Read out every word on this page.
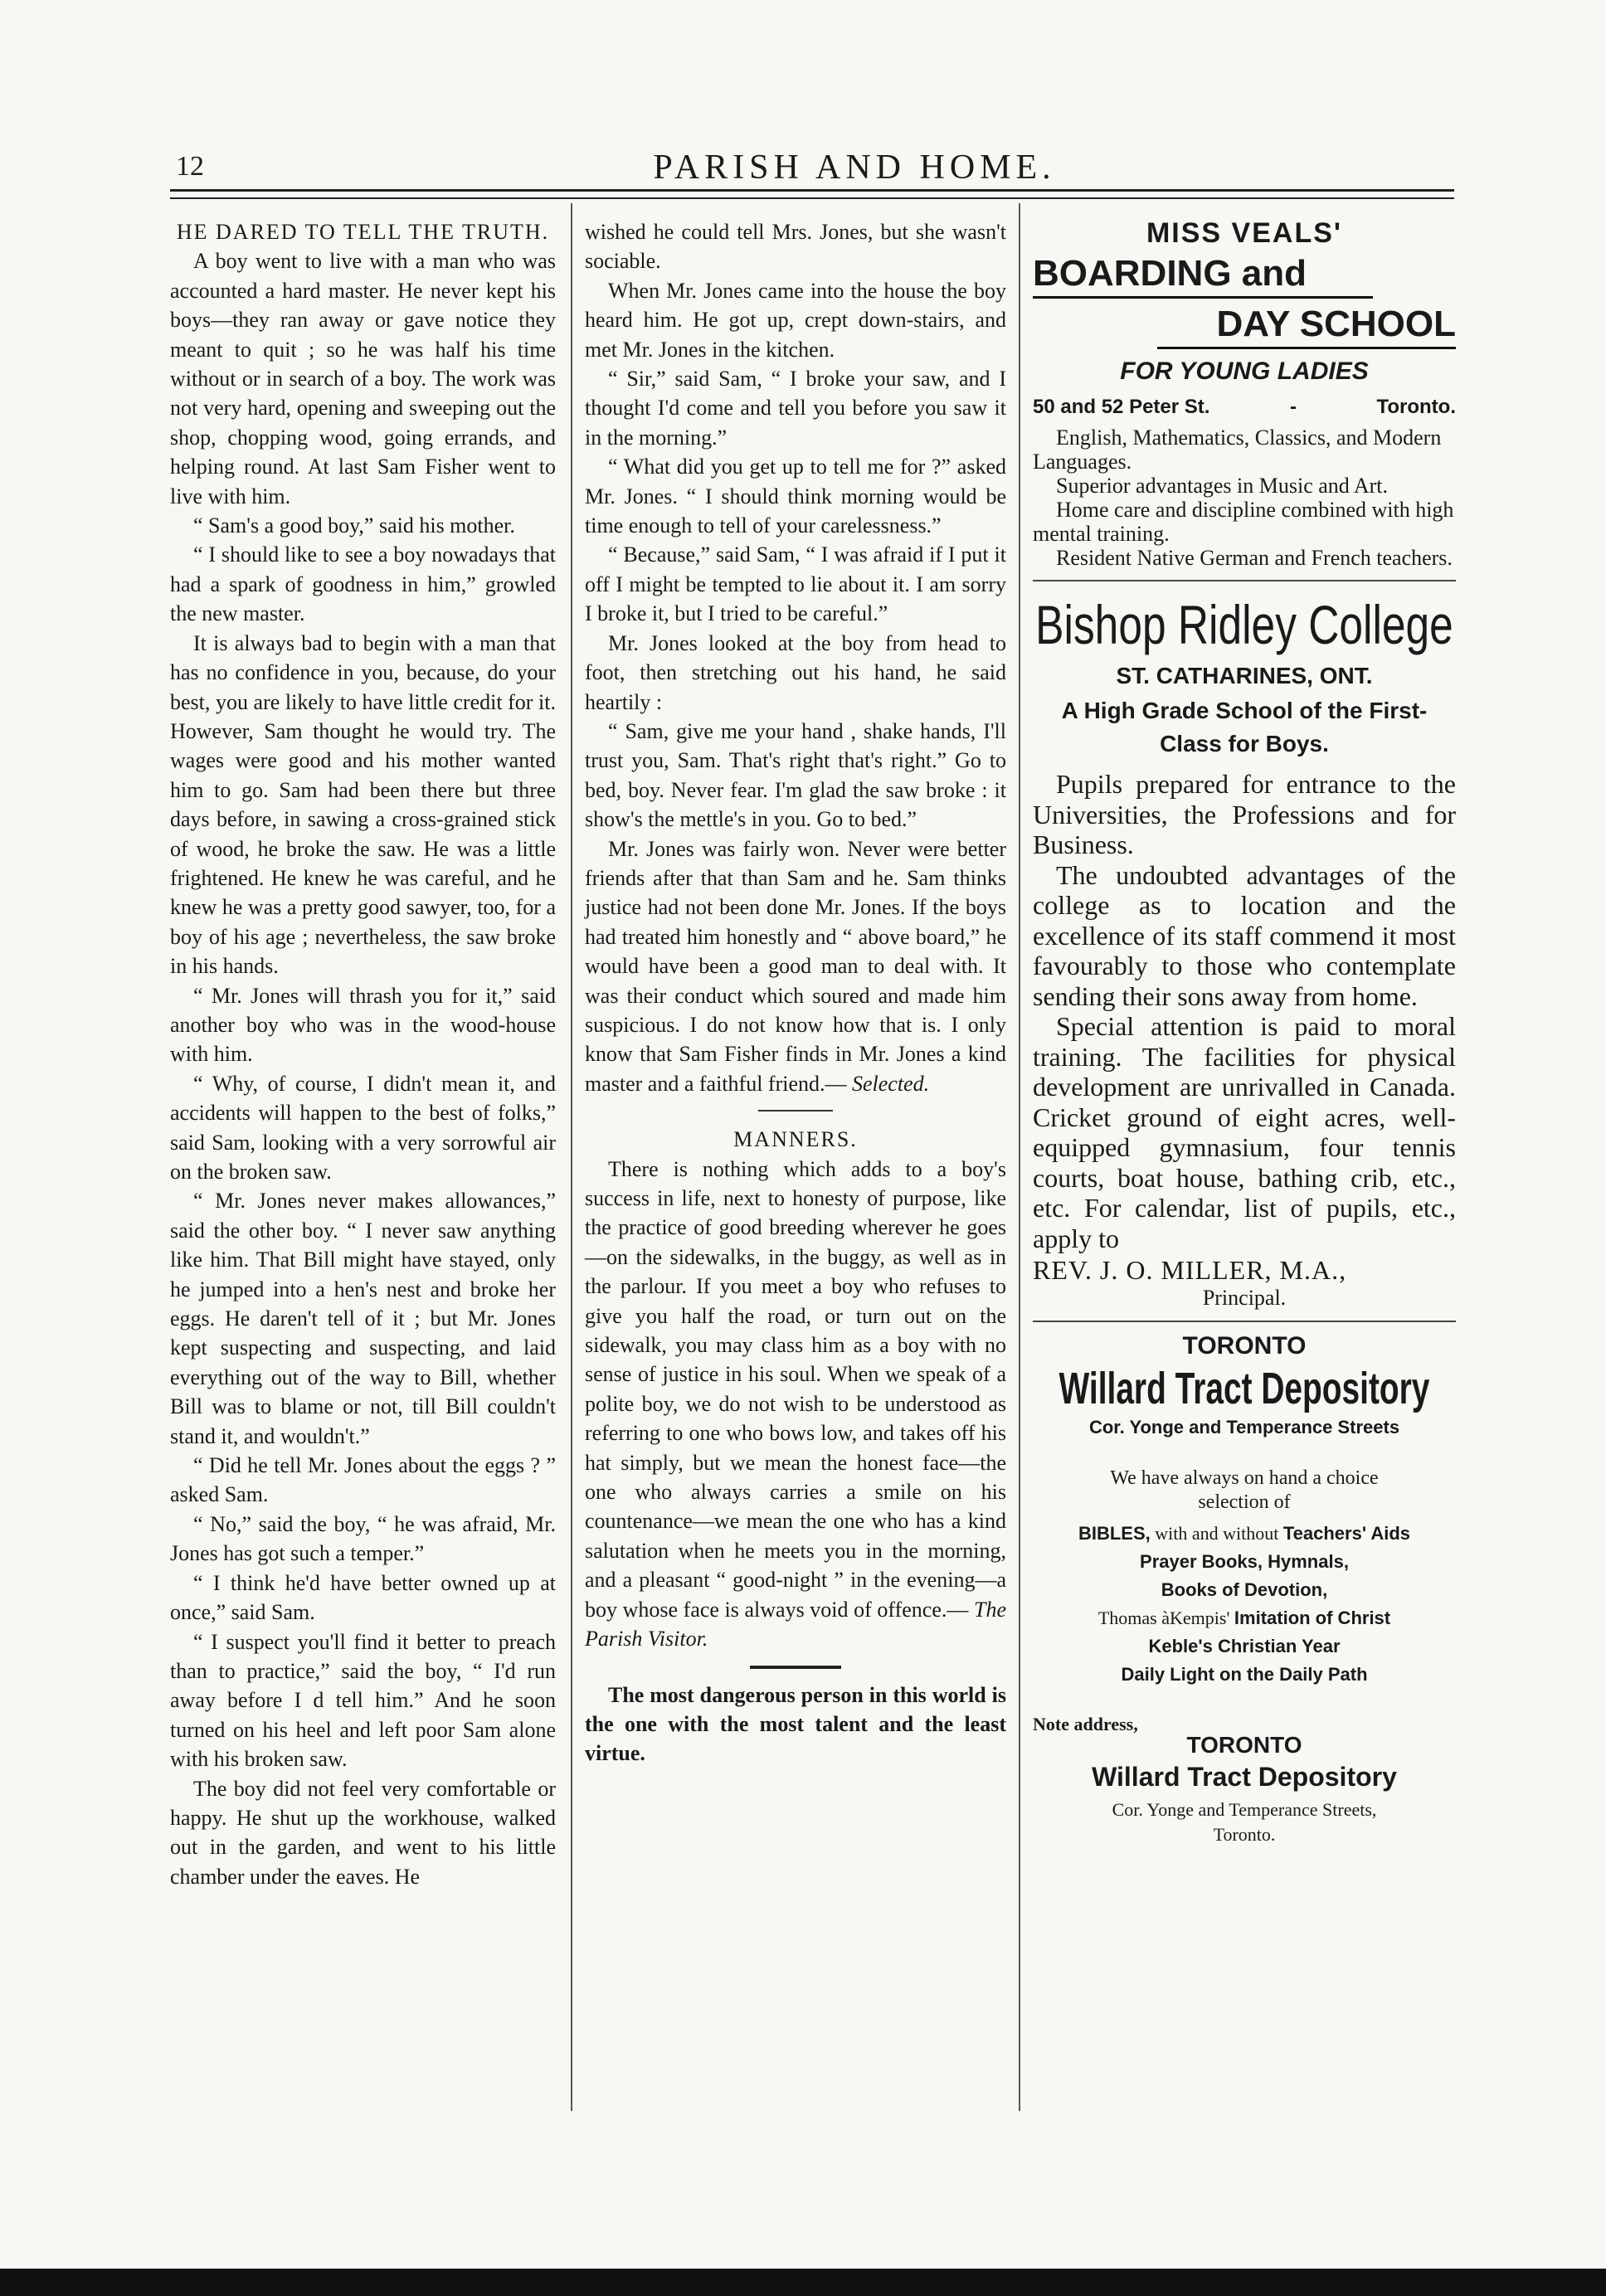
12	PARISH AND HOME.

HE DARED TO TELL THE TRUTH.

A boy went to live with a man who was accounted a hard master. He never kept his boys—they ran away or gave notice they meant to quit ; so he was half his time without or in search of a boy. The work was not very hard, opening and sweeping out the shop, chopping wood, going errands, and helping round. At last Sam Fisher went to live with him.

“ Sam's a good boy,” said his mother.

“ I should like to see a boy nowadays that had a spark of goodness in him,” growled the new master.

It is always bad to begin with a man that has no confidence in you, because, do your best, you are likely to have little credit for it. However, Sam thought he would try. The wages were good and his mother wanted him to go. Sam had been there but three days before, in sawing a cross-grained stick of wood, he broke the saw. He was a little frightened. He knew he was careful, and he knew he was a pretty good sawyer, too, for a boy of his age ; nevertheless, the saw broke in his hands.

“ Mr. Jones will thrash you for it,” said another boy who was in the wood-house with him.

“ Why, of course, I didn't mean it, and accidents will happen to the best of folks,” said Sam, looking with a very sorrowful air on the broken saw.

“ Mr. Jones never makes allowances,” said the other boy. “ I never saw anything like him. That Bill might have stayed, only he jumped into a hen's nest and broke her eggs. He daren't tell of it ; but Mr. Jones kept suspecting and suspecting, and laid everything out of the way to Bill, whether Bill was to blame or not, till Bill couldn't stand it, and wouldn't.”

“ Did he tell Mr. Jones about the eggs ? ” asked Sam.

“ No,” said the boy, “ he was afraid, Mr. Jones has got such a temper.”

“ I think he'd have better owned up at once,” said Sam.

“ I suspect you'll find it better to preach than to practice,” said the boy, “ I'd run away before I d tell him.” And he soon turned on his heel and left poor Sam alone with his broken saw.

The boy did not feel very comfortable or happy. He shut up the workhouse, walked out in the garden, and went to his little chamber under the eaves. He

wished he could tell Mrs. Jones, but she wasn't sociable.

When Mr. Jones came into the house the boy heard him. He got up, crept down-stairs, and met Mr. Jones in the kitchen.

“ Sir,” said Sam, “ I broke your saw, and I thought I'd come and tell you before you saw it in the morning.”

“ What did you get up to tell me for ?” asked Mr. Jones. “ I should think morning would be time enough to tell of your carelessness.”

“ Because,” said Sam, “ I was afraid if I put it off I might be tempted to lie about it. I am sorry I broke it, but I tried to be careful.”

Mr. Jones looked at the boy from head to foot, then stretching out his hand, he said heartily :

“ Sam, give me your hand , shake hands, I'll trust you, Sam. That's right that's right.” Go to bed, boy. Never fear. I'm glad the saw broke : it show's the mettle's in you. Go to bed.”

Mr. Jones was fairly won. Never were better friends after that than Sam and he. Sam thinks justice had not been done Mr. Jones. If the boys had treated him honestly and “ above board,” he would have been a good man to deal with. It was their conduct which soured and made him suspicious. I do not know how that is. I only know that Sam Fisher finds in Mr. Jones a kind master and a faithful friend.— Selected.

MANNERS.

There is nothing which adds to a boy's success in life, next to honesty of purpose, like the practice of good breeding wherever he goes—on the sidewalks, in the buggy, as well as in the parlour. If you meet a boy who refuses to give you half the road, or turn out on the sidewalk, you may class him as a boy with no sense of justice in his soul. When we speak of a polite boy, we do not wish to be understood as referring to one who bows low, and takes off his hat simply, but we mean the honest face—the one who always carries a smile on his countenance—we mean the one who has a kind salutation when he meets you in the morning, and a pleasant “ good-night ” in the evening—a boy whose face is always void of offence.— The Parish Visitor.

The most dangerous person in this world is the one with the most talent and the least virtue.

MISS VEALS'
BOARDING and
DAY SCHOOL
FOR YOUNG LADIES
50 and 52 Peter St.	-	Toronto.
English, Mathematics, Classics, and Modern Languages.
Superior advantages in Music and Art.
Home care and discipline combined with high mental training.
Resident Native German and French teachers.
Bishop Ridley College
ST. CATHARINES, ONT.
A High Grade School of the First-
Class for Boys.

Pupils prepared for entrance to the Universities, the Professions and for Business.

The undoubted advantages of the college as to location and the excellence of its staff commend it most favourably to those who contemplate sending their sons away from home.

Special attention is paid to moral training. The facilities for physical development are unrivalled in Canada. Cricket ground of eight acres, well-equipped gymnasium, four tennis courts, boat house, bathing crib, etc., etc. For calendar, list of pupils, etc., apply to

REV. J. O. MILLER, M.A.,
Principal.
TORONTO
Willard Tract Depository
Cor. Yonge and Temperance Streets
We have always on hand a choice selection of
BIBLES, with and without Teachers' Aids
Prayer Books, Hymnals,
Books of Devotion,
Thomas àKempis' Imitation of Christ
Keble's Christian Year
Daily Light on the Daily Path
Note address,
TORONTO
Willard Tract Depository
Cor. Yonge and Temperance Streets,
Toronto.
